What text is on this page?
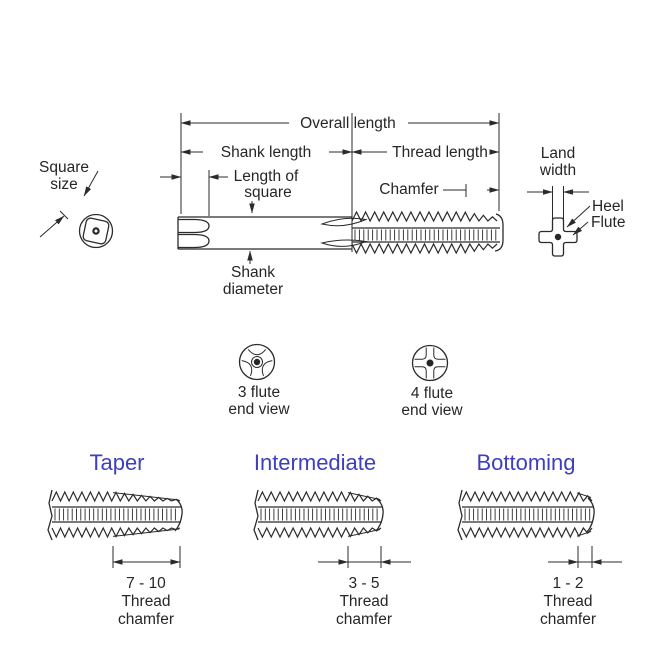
Overall length
Shank length	Thread length
Length of
square	Chamfer
Shank
diameter
Square
size
Land
width
Heel
Flute
3 flute
end view
4 flute
end view
Taper
7 - 10
Thread
chamfer
Intermediate
3 - 5
Thread
chamfer
Bottoming
1 - 2
Thread
chamfer
